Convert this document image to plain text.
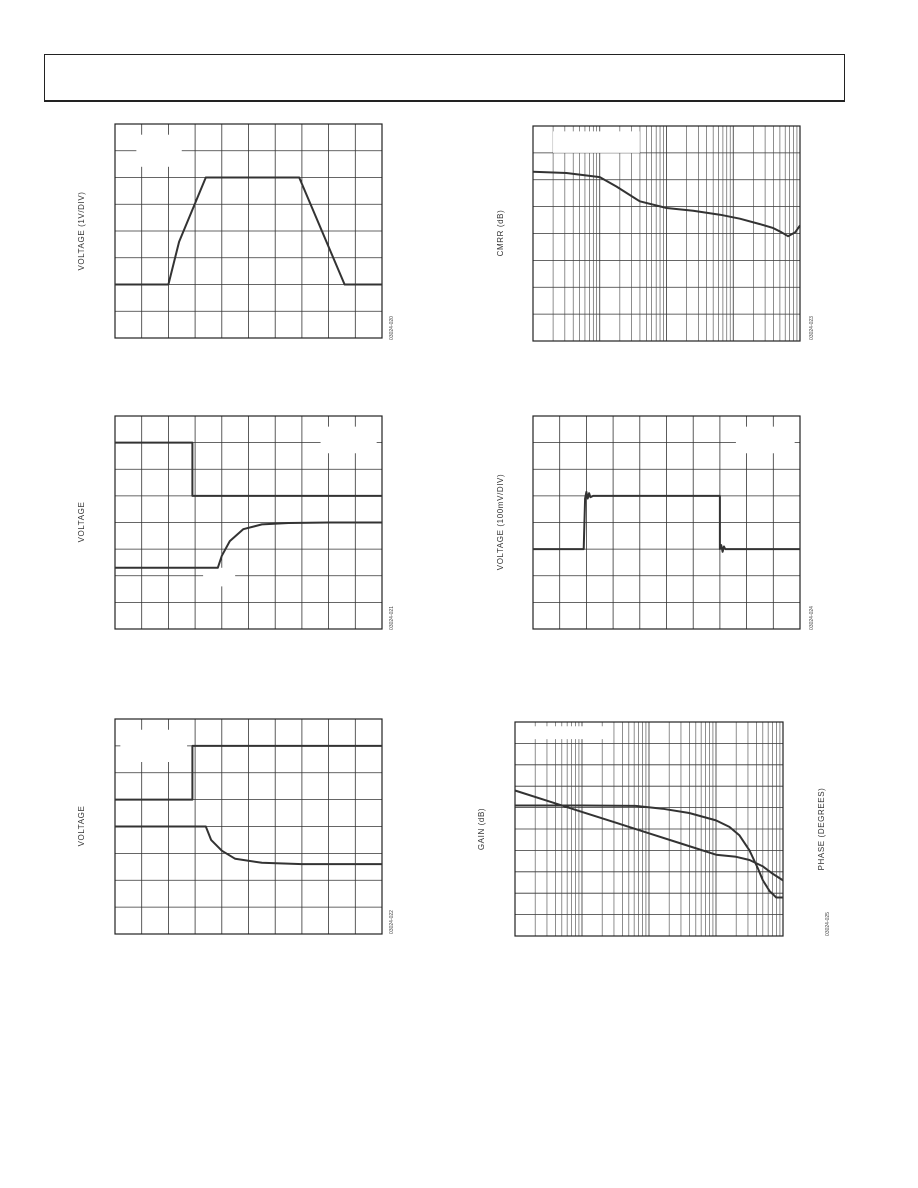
VOLTAGE (1V/DIV)
03024-020
CMRR (dB)
03024-023
VOLTAGE
03024-021
VOLTAGE (100mV/DIV)
03024-024
VOLTAGE
03024-022
GAIN (dB)	PHASE (DEGREES)
03024-025
